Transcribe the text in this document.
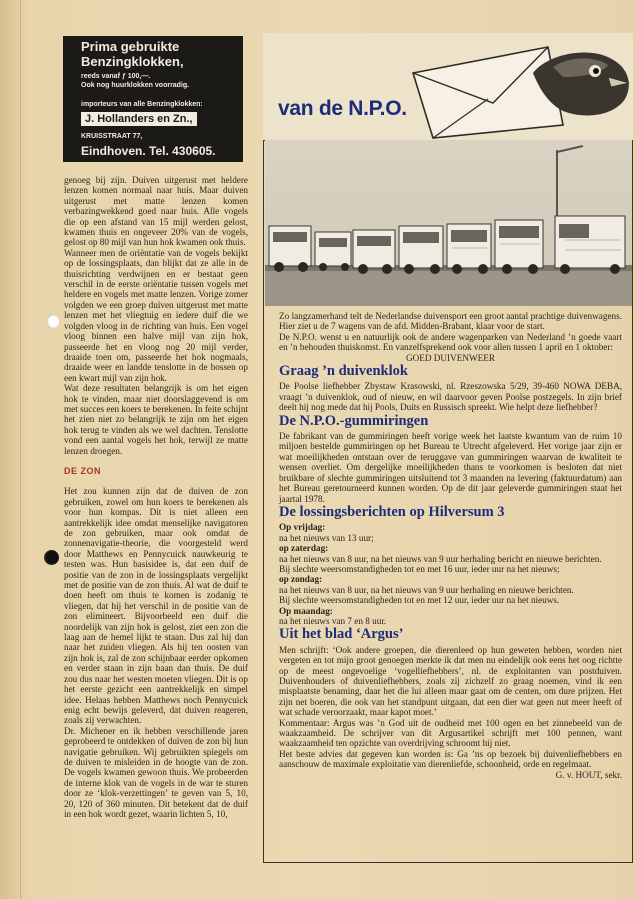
Prima gebruikte Benzingklokken,
reeds vanaf ƒ 100,—.
Ook nog huurklokken voorradig.
importeurs van alle Benzingklokken:
J. Hollanders en Zn.,
KRUISSTRAAT 77,
Eindhoven. Tel. 430605.

genoeg bij zijn. Duiven uitgerust met heldere lenzen komen normaal naar huis. Maar duiven uitgerust met matte lenzen komen verbazingwekkend goed naar huis. Alle vogels die op een afstand van 15 mijl werden gelost, kwamen thuis en ongeveer 20% van de vogels, gelost op 80 mijl van hun hok kwamen ook thuis.

Wanneer men de oriëntatie van de vogels bekijkt op de lossingsplaats, dan blijkt dat ze alle in de thuisrichting verdwijnen en er bestaat geen verschil in de eerste oriëntatie tussen vogels met heldere en vogels met matte lenzen. Vorige zomer volgden we een groep duiven uitgerust met matte lenzen met het vliegtuig en iedere duif die we volgden vloog in de richting van huis. Een vogel vloog binnen een halve mijl van zijn hok, passeerde het en vloog nog 20 mijl verder, draaide toen om, passeerde het hok nogmaals, draaide weer en landde tenslotte in de bossen op een kwart mijl van zijn hok.

Wat deze resultaten belangrijk is om het eigen hok te vinden, maar niet doorslaggevend is om met succes een koers te berekenen. In feite schijnt het zien niet zo belangrijk te zijn om het eigen hok terug te vinden als we wel dachten. Tenslotte vond een aantal vogels het hok, terwijl ze matte lenzen droegen.

DE ZON

Het zou kunnen zijn dat de duiven de zon gebruiken, zowel om hun koers te berekenen als voor hun kompas. Dit is niet alleen een aantrekkelijk idee omdat menselijke navigatoren de zon gebruiken, maar ook omdat de zonnenavigatie-theorie, die voorgesteld werd door Matthews en Pennycuick nauwkeurig te testen was. Hun basisidee is, dat een duif de positie van de zon in de lossingsplaats vergelijkt met de positie van de zon thuis. Al wat de duif te doen heeft om thuis te komen is zodanig te vliegen, dat hij het verschil in de positie van de zon elimineert. Bijvoorbeeld een duif die noordelijk van zijn hok is gelost, ziet een zon die laag aan de hemel lijkt te staan. Dus zal hij dan naar het zuiden vliegen. Als hij ten oosten van zijn hok is, zal de zon schijnbaar eerder opkomen en verder staan in zijn baan dan thuis. De duif zou dus naar het westen moeten vliegen. Dit is op het eerste gezicht een aantrekkelijk en simpel idee. Helaas hebben Matthews noch Pennycuick enig echt bewijs geleverd, dat duiven reageren, zoals zij verwachten.

Dr. Michener en ik hebben verschillende jaren geprobeerd te ontdekken of duiven de zon bij hun navigatie gebruiken. Wij gebruikten spiegels om de duiven te misleiden in de hoogte van de zon. De vogels kwamen gewoon thuis. We probeerden de interne klok van de vogels in de war te sturen door ze ‘klok-verzettingen’ te geven van 5, 10, 20, 120 of 360 minuten. Dit betekent dat de duif in een hok wordt gezet, waarin lichten 5, 10,

van de N.P.O.

Zo langzamerhand telt de Nederlandse duivensport een groot aantal prachtige duivenwagens. Hier ziet u de 7 wagens van de afd. Midden-Brabant, klaar voor de start.

De N.P.O. wenst u en natuurlijk ook de andere wagenparken van Nederland ’n goede vaart en ’n behouden thuiskomst. En vanzelfsprekend ook voor allen tussen 1 april en 1 oktober:

GOED DUIVENWEER

Graag ’n duivenklok

De Poolse liefhebber Zbystaw Krasowski, nl. Rzeszowska 5/29, 39-460 NOWA DEBA, vraagt ’n duivenklok, oud of nieuw, en wil daarvoor geven Poolse postzegels. In zijn brief deelt hij nog mede dat hij Pools, Duits en Russisch spreekt. Wie helpt deze liefhebber?

De N.P.O.-gummiringen

De fabrikant van de gummiringen heeft vorige week het laatste kwantum van de ruim 10 miljoen bestelde gummiringen op het Bureau te Utrecht afgeleverd. Het vorige jaar zijn er wat moeilijkheden ontstaan over de teruggave van gummiringen waarvan de kwaliteit te wensen overliet. Om dergelijke moeilijkheden thans te voorkomen is besloten dat niet bruikbare of slechte gummiringen uitsluitend tot 3 maanden na levering (faktuurdatum) aan het Bureau geretourneerd kunnen worden. Op de dit jaar geleverde gummiringen staat het jaartal 1978.

De lossingsberichten op Hilversum 3

Op vrijdag:

na het nieuws van 13 uur;

op zaterdag:

na het nieuws van 8 uur, na het nieuws van 9 uur herhaling bericht en nieuwe berichten.

Bij slechte weersomstandigheden tot en met 16 uur, ieder uur na het nieuws;

op zondag:

na het nieuws van 8 uur, na het nieuws van 9 uur herhaling en nieuwe berichten.

Bij slechte weersomstandigheden tot en met 12 uur, ieder uur na het nieuws.

Op maandag:

na het nieuws van 7 en 8 uur.

Uit het blad ‘Argus’

Men schrijft: ‘Ook andere groepen, die dierenleed op hun geweten hebben, worden niet vergeten en tot mijn groot genoegen merkte ik dat men nu eindelijk ook eens het oog richtte op de meest ongevoelige ‘vogelliefhebbers’, nl. de exploitanten van postduiven. Duivenhouders of duivenliefhebbers, zoals zij zichzelf zo graag noemen, vind ik een misplaatste benaming, daar het die lui alleen maar gaat om de centen, om dure prijzen. Het zijn net boeren, die ook van het standpunt uitgaan, dat een dier wat geen nut meer heeft of wat schade veroorzaakt, maar kapot moet.’

Kommentaar: Argus was ’n God uit de oudheid met 100 ogen en het zinnebeeld van de waakzaamheid. De schrijver van dit Argusartikel schrijft met 100 pennen, want waakzaamheid ten opzichte van overdrijving schroomt hij niet.

Het beste advies dat gegeven kan worden is: Ga ’ns op bezoek bij duivenliefhebbers en aanschouw de maximale exploitatie van dierenliefde, schoonheid, orde en regelmaat.

G. v. HOUT, sekr.
